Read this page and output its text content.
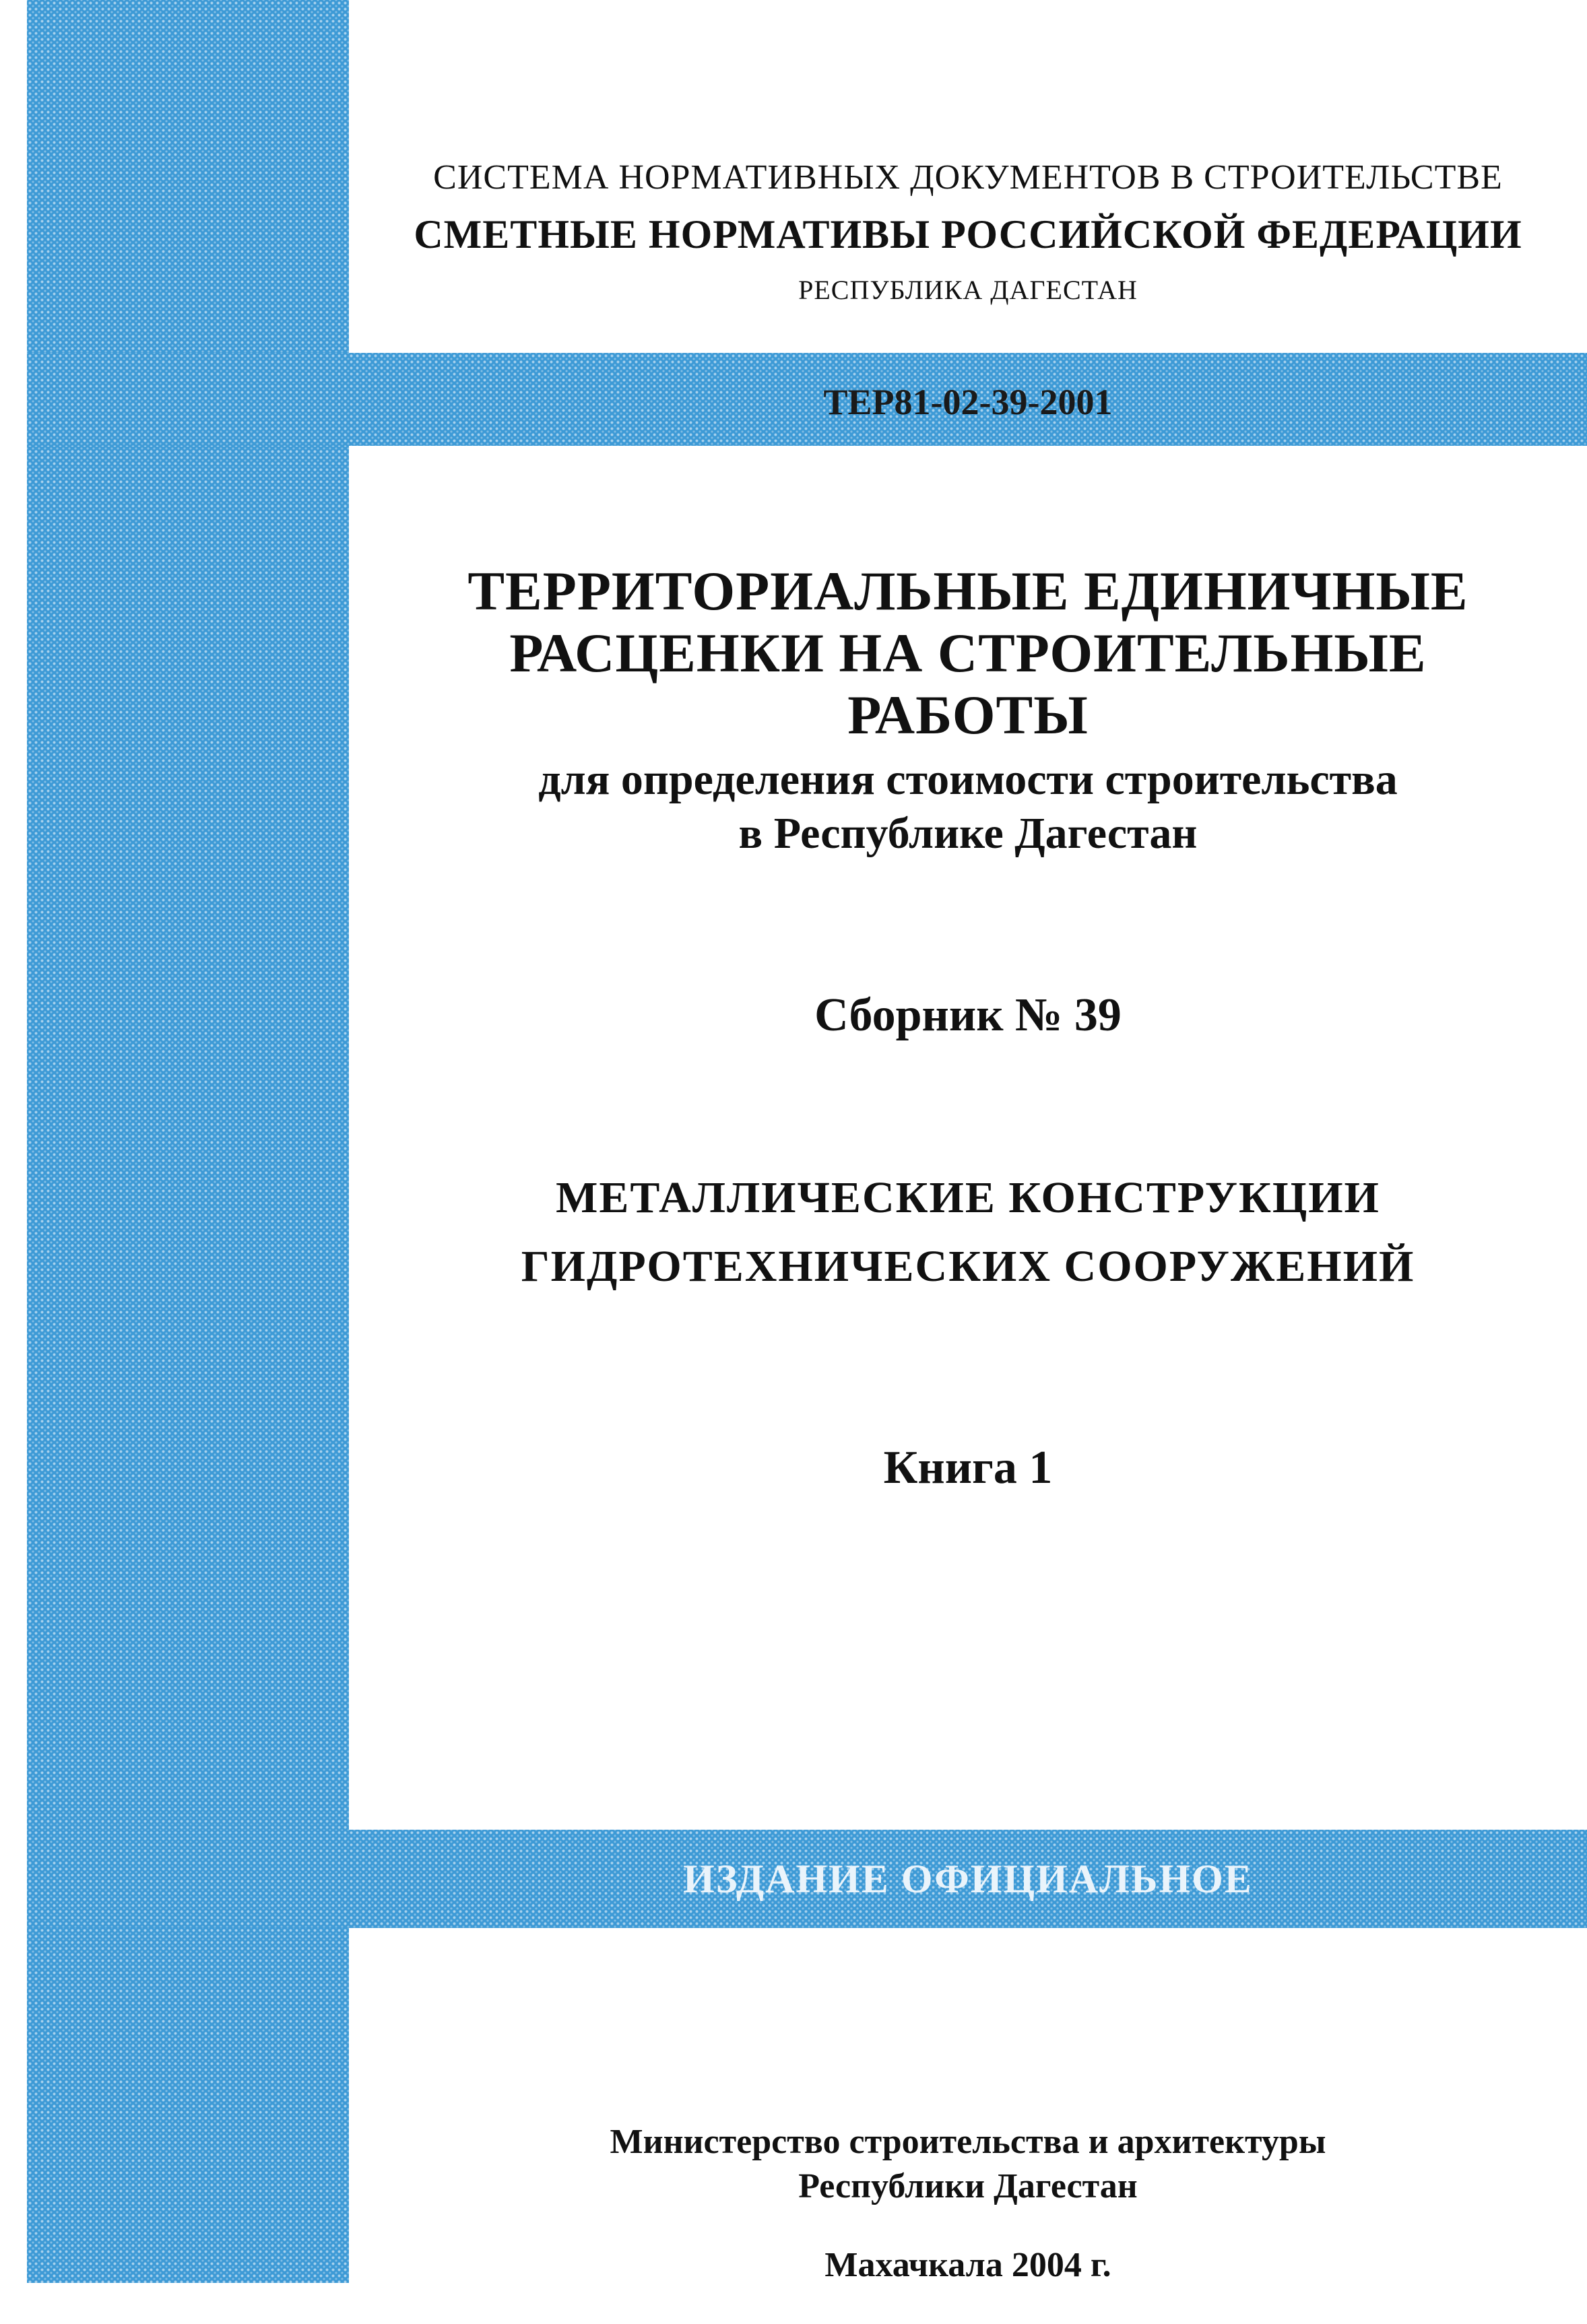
СИСТЕМА НОРМАТИВНЫХ ДОКУМЕНТОВ В СТРОИТЕЛЬСТВЕ
СМЕТНЫЕ НОРМАТИВЫ РОССИЙСКОЙ ФЕДЕРАЦИИ
РЕСПУБЛИКА ДАГЕСТАН
ТЕР81-02-39-2001
ТЕРРИТОРИАЛЬНЫЕ ЕДИНИЧНЫЕ
РАСЦЕНКИ НА СТРОИТЕЛЬНЫЕ
РАБОТЫ
для определения стоимости строительства
в Республике Дагестан
Сборник № 39
МЕТАЛЛИЧЕСКИЕ КОНСТРУКЦИИ
ГИДРОТЕХНИЧЕСКИХ СООРУЖЕНИЙ
Книга 1
ИЗДАНИЕ ОФИЦИАЛЬНОЕ
Министерство строительства и архитектуры
Республики Дагестан
Махачкала 2004 г.
